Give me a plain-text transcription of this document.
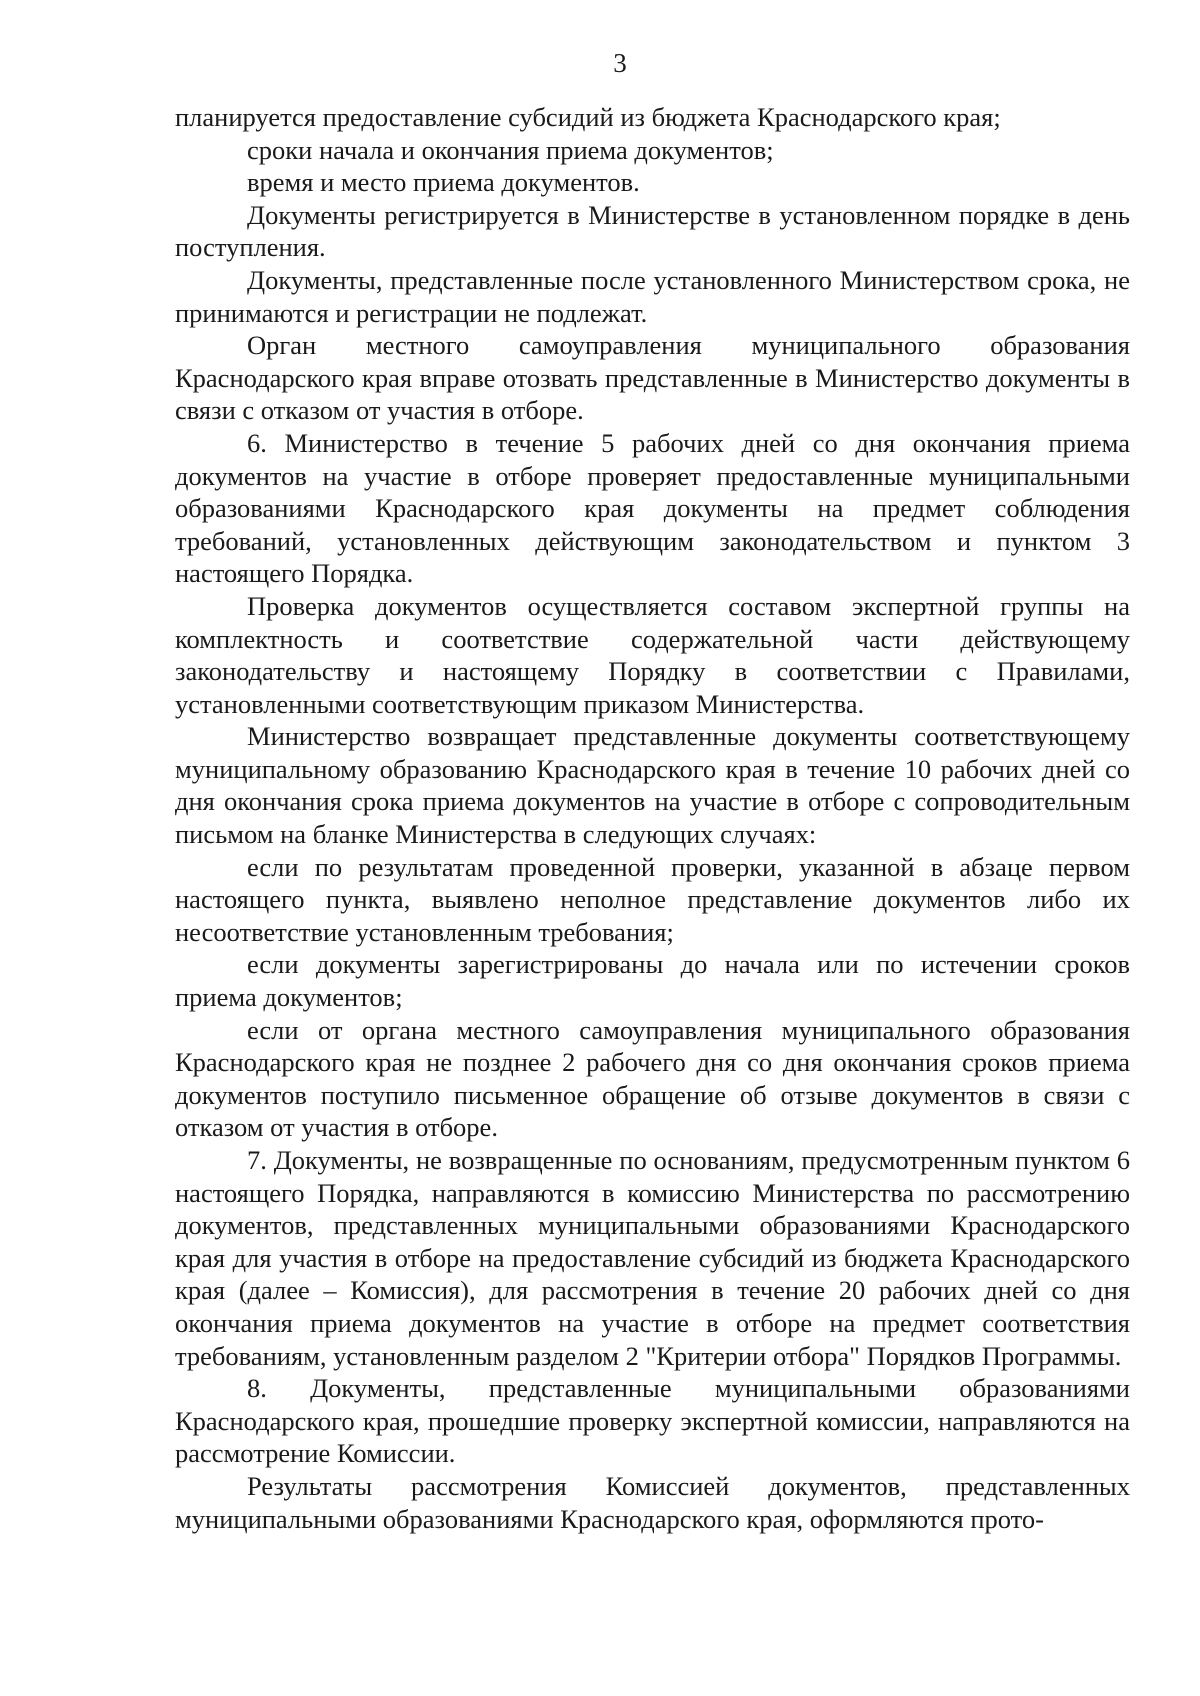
3

планируется предоставление субсидий из бюджета Краснодарского края;

сроки начала и окончания приема документов;

время и место приема документов.

Документы регистрируется в Министерстве в установленном порядке в день поступления.

Документы, представленные после установленного Министерством срока, не принимаются и регистрации не подлежат.

Орган местного самоуправления муниципального образования Краснодарского края вправе отозвать представленные в Министерство документы в связи с отказом от участия в отборе.

6. Министерство в течение 5 рабочих дней со дня окончания приема документов на участие в отборе проверяет предоставленные муниципальными образованиями Краснодарского края документы на предмет соблюдения требований, установленных действующим законодательством и пунктом 3 настоящего Порядка.

Проверка документов осуществляется составом экспертной группы на комплектность и соответствие содержательной части действующему законодательству и настоящему Порядку в соответствии с Правилами, установленными соответствующим приказом Министерства.

Министерство возвращает представленные документы соответствующему муниципальному образованию Краснодарского края в течение 10 рабочих дней со дня окончания срока приема документов на участие в отборе с сопроводительным письмом на бланке Министерства в следующих случаях:

если по результатам проведенной проверки, указанной в абзаце первом настоящего пункта, выявлено неполное представление документов либо их несоответствие установленным требования;

если документы зарегистрированы до начала или по истечении сроков приема документов;

если от органа местного самоуправления муниципального образования Краснодарского края не позднее 2 рабочего дня со дня окончания сроков приема документов поступило письменное обращение об отзыве документов в связи с отказом от участия в отборе.

7. Документы, не возвращенные по основаниям, предусмотренным пунктом 6 настоящего Порядка, направляются в комиссию Министерства по рассмотрению документов, представленных муниципальными образованиями Краснодарского края для участия в отборе на предоставление субсидий из бюджета Краснодарского края (далее – Комиссия), для рассмотрения в течение 20 рабочих дней со дня окончания приема документов на участие в отборе на предмет соответствия требованиям, установленным разделом 2 "Критерии отбора" Порядков Программы.

8. Документы, представленные муниципальными образованиями Краснодарского края, прошедшие проверку экспертной комиссии, направляются на рассмотрение Комиссии.

Результаты рассмотрения Комиссией документов, представленных муниципальными образованиями Краснодарского края, оформляются прото-
